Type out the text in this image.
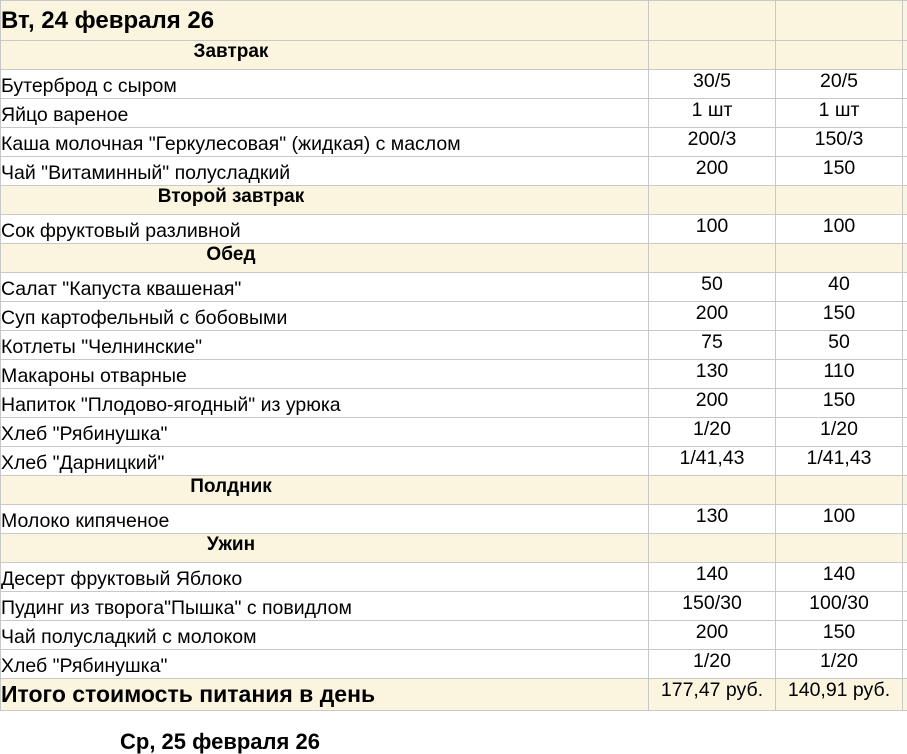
Вт, 24 февраля 26			

Завтрак			

Бутерброд с сыром	30/5	20/5	
Яйцо вареное	1 шт	1 шт	
Каша молочная "Геркулесовая" (жидкая) с маслом	200/3	150/3	
Чай "Витаминный" полусладкий	200	150	

Второй завтрак			

Сок фруктовый разливной	100	100	

Обед			

Салат "Капуста квашеная"	50	40	
Суп картофельный с бобовыми	200	150	
Котлеты "Челнинские"	75	50	
Макароны отварные	130	110	
Напиток "Плодово-ягодный" из урюка	200	150	
Хлеб "Рябинушка"	1/20	1/20	
Хлеб "Дарницкий"	1/41,43	1/41,43	

Полдник			

Молоко кипяченое	130	100	

Ужин			

Десерт фруктовый Яблоко	140	140	
Пудинг из творога"Пышка" с повидлом	150/30	100/30	
Чай полусладкий с молоком	200	150	
Хлеб "Рябинушка"	1/20	1/20	
Итого стоимость питания в день	177,47 руб.	140,91 руб.	
Ср, 25 февраля 26
